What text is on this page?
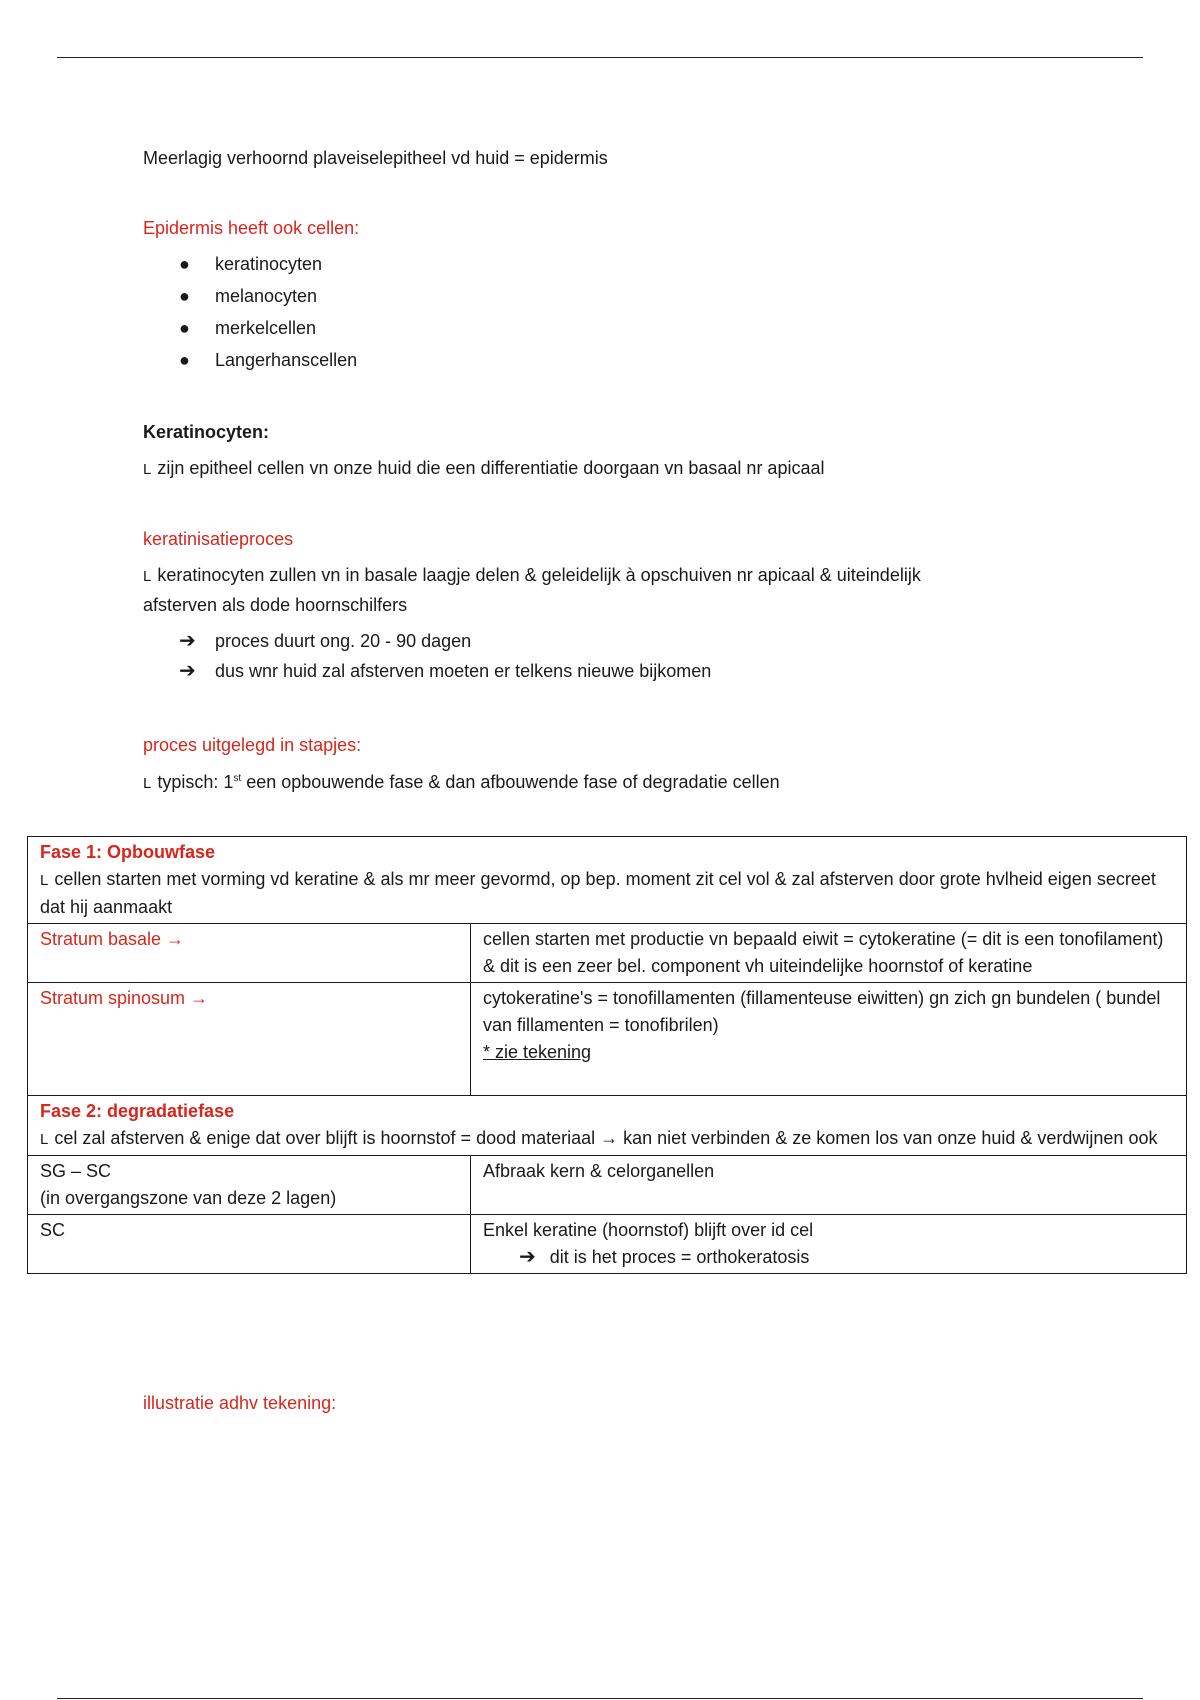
Meerlagig verhoornd plaveiselepitheel vd huid = epidermis

Epidermis heeft ook cellen:

● keratinocyten
● melanocyten
● merkelcellen
● Langerhanscellen

Keratinocyten:

L zijn epitheel cellen vn onze huid die een differentiatie doorgaan vn basaal nr apicaal

keratinisatieproces

L keratinocyten zullen vn in basale laagje delen & geleidelijk à opschuiven nr apicaal & uiteindelijk

afsterven als dode hoornschilfers

➔ proces duurt ong. 20 - 90 dagen
➔ dus wnr huid zal afsterven moeten er telkens nieuwe bijkomen

proces uitgelegd in stapjes:

L typisch: 1st een opbouwende fase & dan afbouwende fase of degradatie cellen

Fase 1: Opbouwfase
L cellen starten met vorming vd keratine & als mr meer gevormd, op bep. moment zit cel vol & zal afsterven door grote hvlheid eigen secreet dat hij aanmaakt	

Stratum basale →	cellen starten met productie vn bepaald eiwit = cytokeratine (= dit is een tonofilament) & dit is een zeer bel. component vh uiteindelijke hoornstof of keratine
Stratum spinosum →	cytokeratine's = tonofillamenten (fillamenteuse eiwitten) gn zich gn bundelen ( bundel van fillamenten = tonofibrilen)
* zie tekening

Fase 2: degradatiefase
L cel zal afsterven & enige dat over blijft is hoornstof = dood materiaal → kan niet verbinden & ze komen los van onze huid & verdwijnen ook	

SG – SC
(in overgangszone van deze 2 lagen)	Afbraak kern & celorganellen
SC	Enkel keratine (hoornstof) blijft over id cel
➔ dit is het proces = orthokeratosis

illustratie adhv tekening:
